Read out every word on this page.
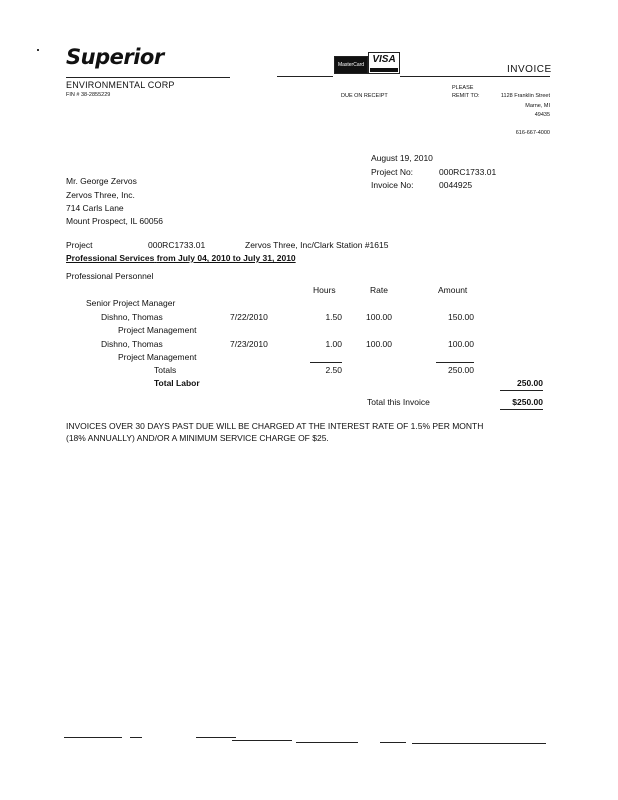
Superior
ENVIRONMENTAL CORP
FIN # 38-2855229
MasterCard VISA
INVOICE
DUE ON RECEIPT
PLEASE
REMIT TO:	1128 Franklin Street
Marne, MI
49435
616-667-4000
August 19, 2010
Project No:	000RC1733.01
Invoice No:	0044925
Mr. George Zervos
Zervos Three, Inc.
714 Carls Lane
Mount Prospect, IL 60056
Project	000RC1733.01	Zervos Three, Inc/Clark Station #1615
Professional Services from July 04, 2010 to July 31, 2010
Professional Personnel
Hours	Rate	Amount
Senior Project Manager
Dishno, Thomas	7/22/2010	1.50	100.00	150.00
Project Management
Dishno, Thomas	7/23/2010	1.00	100.00	100.00
Project Management
Totals	2.50	250.00
Total Labor	250.00
Total this Invoice	$250.00
INVOICES OVER 30 DAYS PAST DUE WILL BE CHARGED AT THE INTEREST RATE OF 1.5% PER MONTH
(18% ANNUALLY) AND/OR A MINIMUM SERVICE CHARGE OF $25.
